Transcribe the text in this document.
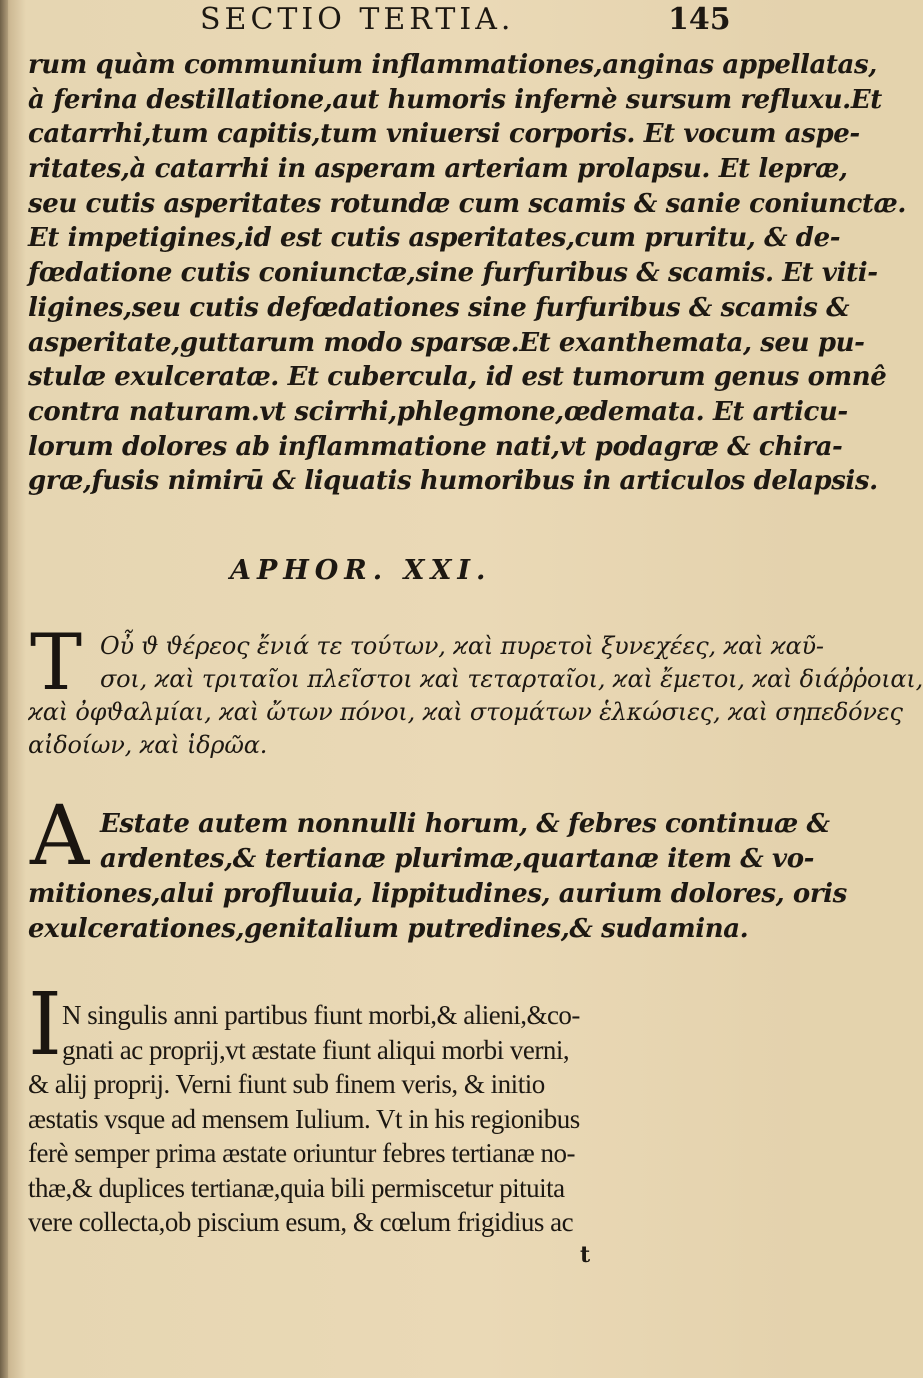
SECTIO TERTIA.	145
rum quàm communium inflammationes,anginas appellatas,
à ferina destillatione,aut humoris infernè sursum refluxu.Et
catarrhi,tum capitis,tum vniuersi corporis. Et vocum aspe-
ritates,à catarrhi in asperam arteriam prolapsu. Et lepræ,
seu cutis asperitates rotundæ cum scamis & sanie coniunctæ.
Et impetigines,id est cutis asperitates,cum pruritu, & de-
fœdatione cutis coniunctæ,sine furfuribus & scamis. Et viti-
ligines,seu cutis defœdationes sine furfuribus & scamis &
asperitate,guttarum modo sparsæ.Et exanthemata, seu pu-
stulæ exulceratæ. Et cubercula, id est tumorum genus omnê
contra naturam.vt scirrhi,phlegmone,œdemata. Et articu-
lorum dolores ab inflammatione nati,vt podagræ & chira-
græ,fusis nimirū & liquatis humoribus in articulos delapsis.
APHOR. XXI.
T Οὖ ϑ ϑέρεος ἔνιά τε τούτων, ϰαὶ πυρετοὶ ξυνεχέες, ϰαὶ ϰαῦ-
σοι, ϰαὶ τριταῖοι πλεῖστοι ϰαὶ τεταρταῖοι, ϰαὶ ἔμετοι, ϰαὶ διάῤῥοιαι,
ϰαὶ ὀφϑαλμίαι, ϰαὶ ὤτων πόνοι, ϰαὶ στομάτων ἑλκώσιες, ϰαὶ σηπεδόνες
αἰδοίων, ϰαὶ ἱδρῶα.
A Estate autem nonnulli horum, & febres continuæ &
ardentes,& tertianæ plurimæ,quartanæ item & vo-
mitiones,alui profluuia, lippitudines, aurium dolores, oris
exulcerationes,genitalium putredines,& sudamina.
I N singulis anni partibus fiunt morbi,& alieni,&co-
gnati ac proprij,vt æstate fiunt aliqui morbi verni,
& alij proprij. Verni fiunt sub finem veris, & initio
æstatis vsque ad mensem Iulium. Vt in his regionibus
ferè semper prima æstate oriuntur febres tertianæ no-
thæ,& duplices tertianæ,quia bili permiscetur pituita
vere collecta,ob piscium esum, & cœlum frigidius ac
t
